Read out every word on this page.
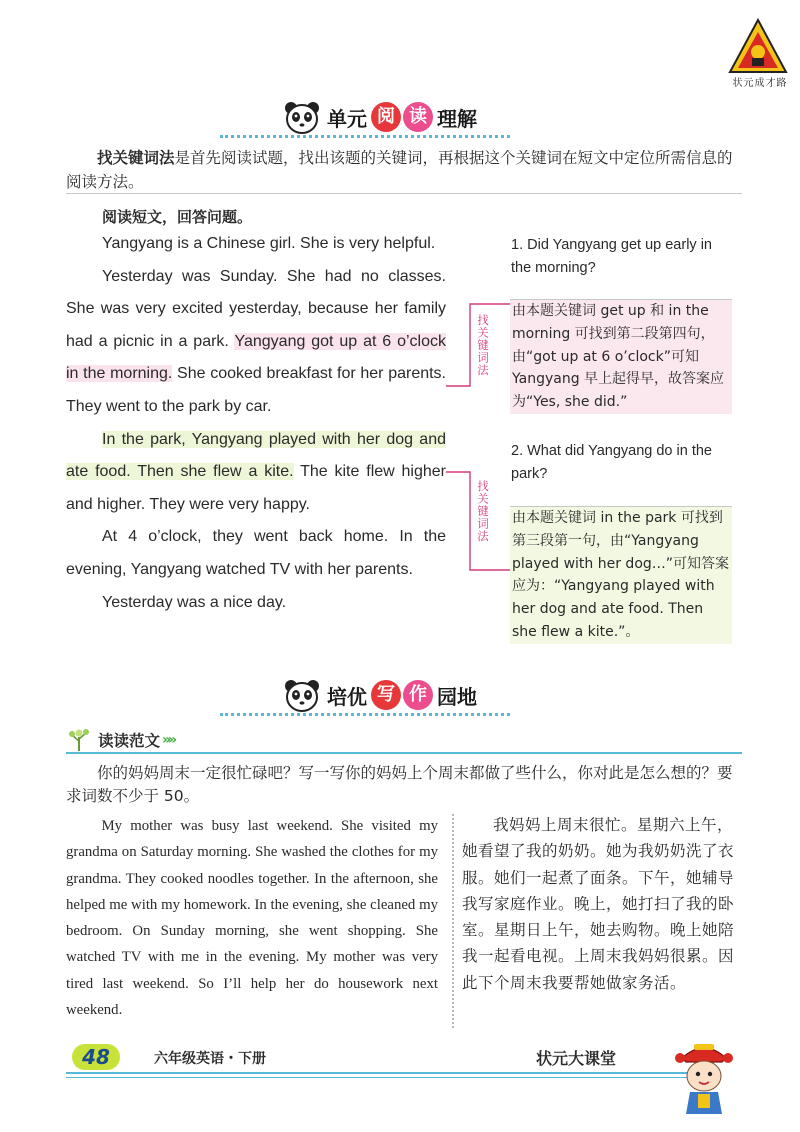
状元成才路
单元 阅 读 理解
找关键词法是首先阅读试题，找出该题的关键词，再根据这个关键词在短文中定位所需信息的阅读方法。
阅读短文，回答问题。

Yangyang is a Chinese girl. She is very helpful.

Yesterday was Sunday. She had no classes. She was very excited yesterday, because her family had a picnic in a park. Yangyang got up at 6 o’clock in the morning. She cooked breakfast for her parents. They went to the park by car.

In the park, Yangyang played with her dog and ate food. Then she flew a kite. The kite flew higher and higher. They were very happy.

At 4 o’clock, they went back home. In the evening, Yangyang watched TV with her parents.

Yesterday was a nice day.

找关键词法
找关键词法
1. Did Yangyang get up early in the morning?
由本题关键词 get up 和 in the morning 可找到第二段第四句，由“got up at 6 o’clock”可知 Yangyang 早上起得早，故答案应为“Yes, she did.”
2. What did Yangyang do in the park?
由本题关键词 in the park 可找到第三段第一句，由“Yangyang played with her dog…”可知答案应为：“Yangyang played with her dog and ate food. Then she flew a kite.”。
培优 写 作 园地
读读范文 »»
你的妈妈周末一定很忙碌吧？写一写你的妈妈上个周末都做了些什么，你对此是怎么想的？要求词数不少于 50。
My mother was busy last weekend. She visited my grandma on Saturday morning. She washed the clothes for my grandma. They cooked noodles together. In the afternoon, she helped me with my homework. In the evening, she cleaned my bedroom. On Sunday morning, she went shopping. She watched TV with me in the evening. My mother was very tired last weekend. So I’ll help her do housework next weekend.
我妈妈上周末很忙。星期六上午，她看望了我的奶奶。她为我奶奶洗了衣服。她们一起煮了面条。下午，她辅导我写家庭作业。晚上，她打扫了我的卧室。星期日上午，她去购物。晚上她陪我一起看电视。上周末我妈妈很累。因此下个周末我要帮她做家务活。
48	六年级英语・下册	状元大课堂
